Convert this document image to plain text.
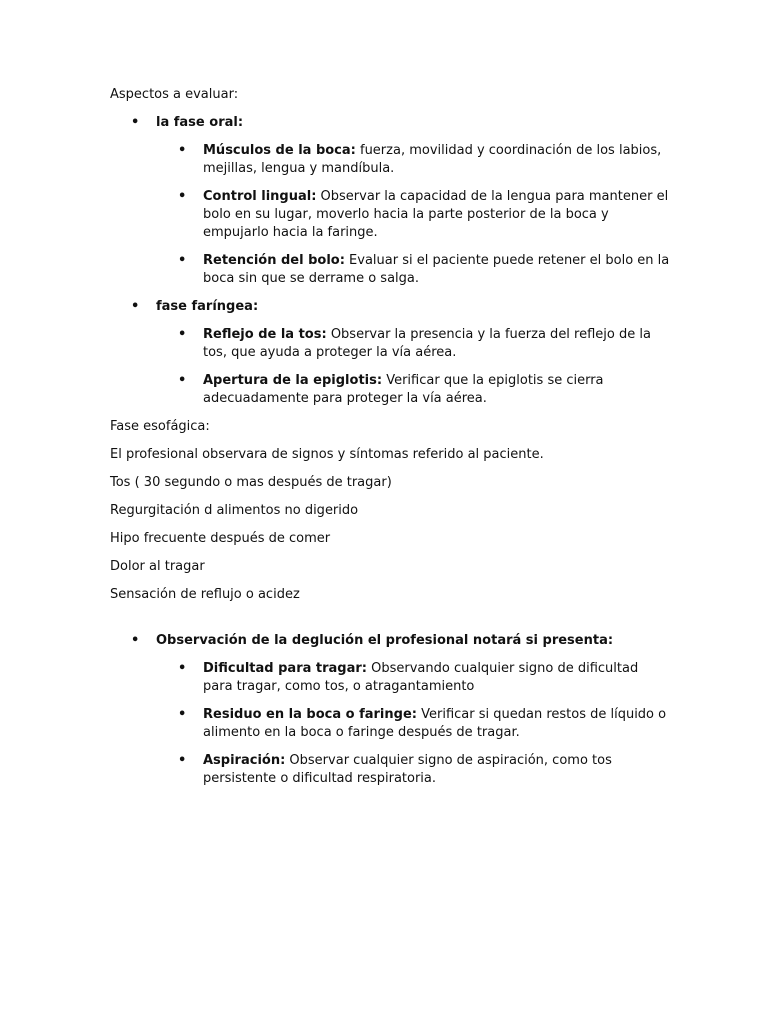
Aspectos a evaluar:

• la fase oral:
• Músculos de la boca: fuerza, movilidad y coordinación de los labios, mejillas, lengua y mandíbula.
• Control lingual: Observar la capacidad de la lengua para mantener el bolo en su lugar, moverlo hacia la parte posterior de la boca y empujarlo hacia la faringe.
• Retención del bolo: Evaluar si el paciente puede retener el bolo en la boca sin que se derrame o salga.
• fase faríngea:
• Reflejo de la tos: Observar la presencia y la fuerza del reflejo de la tos, que ayuda a proteger la vía aérea.
• Apertura de la epiglotis: Verificar que la epiglotis se cierra adecuadamente para proteger la vía aérea.

Fase esofágica:

El profesional observara de signos y síntomas referido al paciente.

Tos ( 30 segundo o mas después de tragar)

Regurgitación d alimentos no digerido

Hipo frecuente después de comer

Dolor al tragar

Sensación de reflujo o acidez

• Observación de la deglución el profesional notará si presenta:
• Dificultad para tragar: Observando cualquier signo de dificultad para tragar, como tos, o atragantamiento
• Residuo en la boca o faringe: Verificar si quedan restos de líquido o alimento en la boca o faringe después de tragar.
• Aspiración: Observar cualquier signo de aspiración, como tos persistente o dificultad respiratoria.
